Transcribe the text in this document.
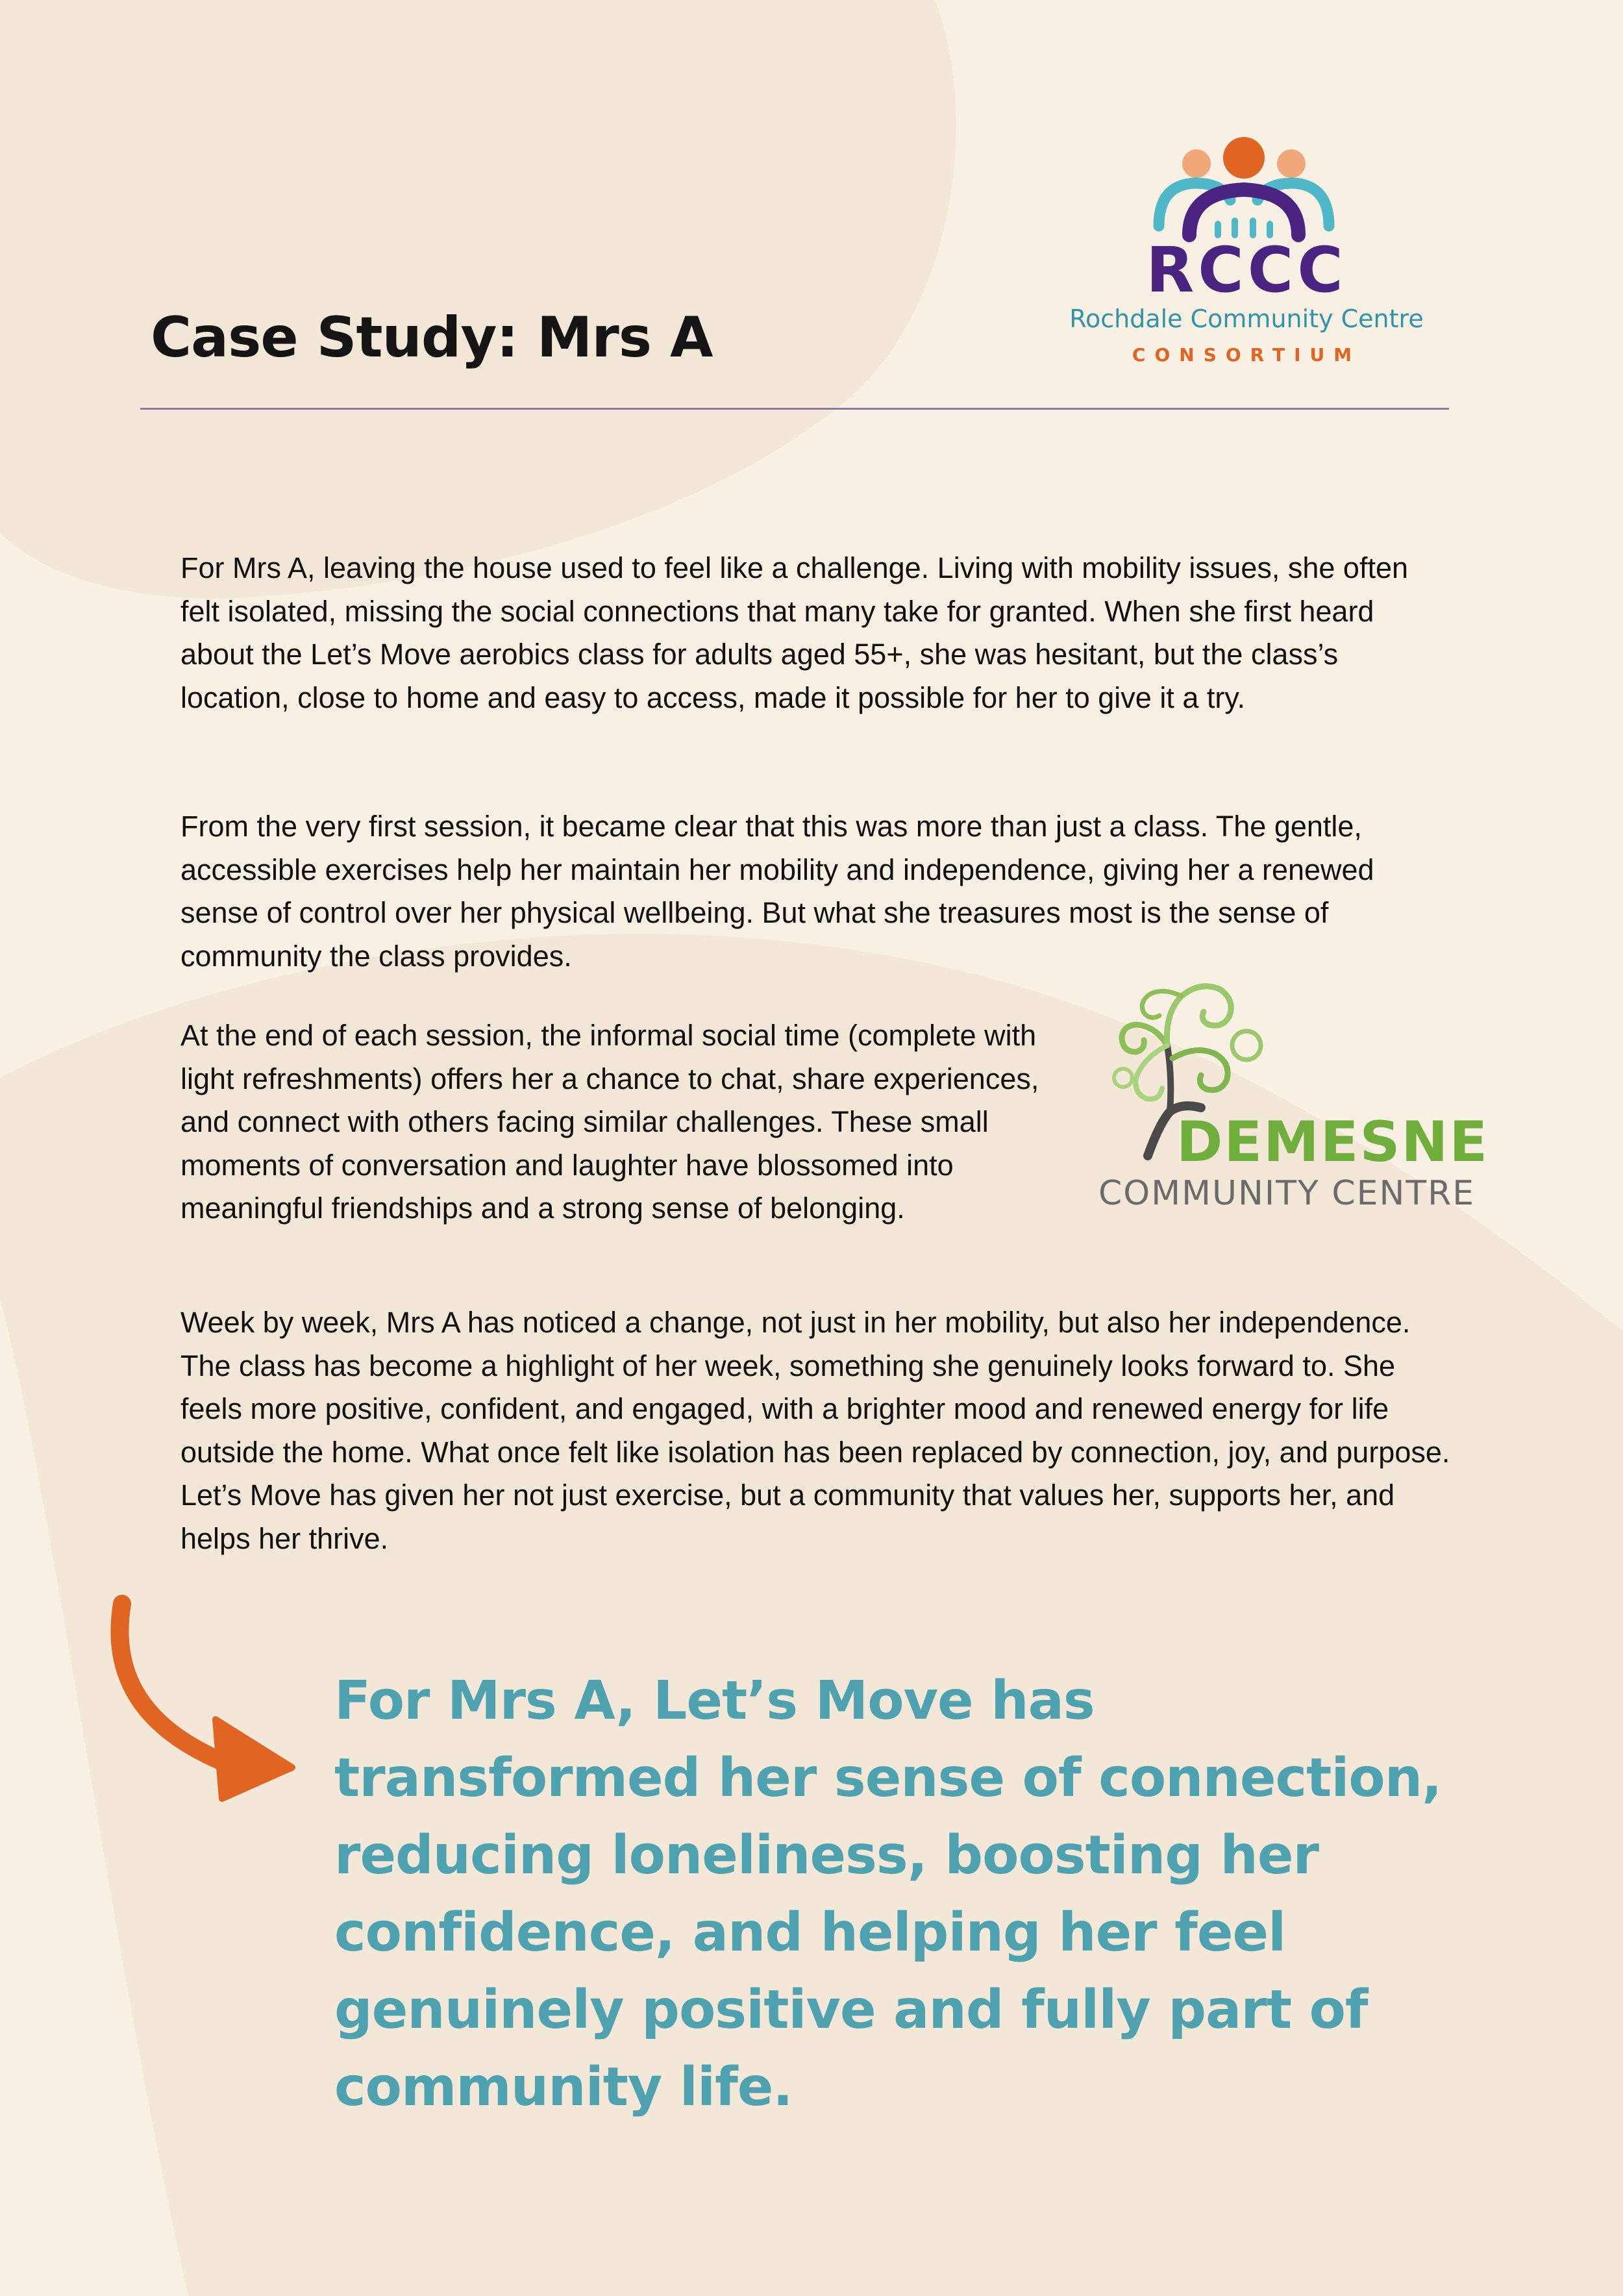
Case Study: Mrs A
RCCC
Rochdale Community Centre
CONSORTIUM

For Mrs A, leaving the house used to feel like a challenge. Living with mobility issues, she often felt isolated, missing the social connections that many take for granted. When she first heard about the Let’s Move aerobics class for adults aged 55+, she was hesitant, but the class’s location, close to home and easy to access, made it possible for her to give it a try.

From the very first session, it became clear that this was more than just a class. The gentle, accessible exercises help her maintain her mobility and independence, giving her a renewed sense of control over her physical wellbeing. But what she treasures most is the sense of community the class provides.

At the end of each session, the informal social time (complete with light refreshments) offers her a chance to chat, share experiences, and connect with others facing similar challenges. These small moments of conversation and laughter have blossomed into meaningful friendships and a strong sense of belonging.

Week by week, Mrs A has noticed a change, not just in her mobility, but also her independence. The class has become a highlight of her week, something she genuinely looks forward to. She feels more positive, confident, and engaged, with a brighter mood and renewed energy for life outside the home. What once felt like isolation has been replaced by connection, joy, and purpose. Let’s Move has given her not just exercise, but a community that values her, supports her, and helps her thrive.

DEMESNE
COMMUNITY CENTRE

For Mrs A, Let’s Move has transformed her sense of connection, reducing loneliness, boosting her confidence, and helping her feel genuinely positive and fully part of community life.
